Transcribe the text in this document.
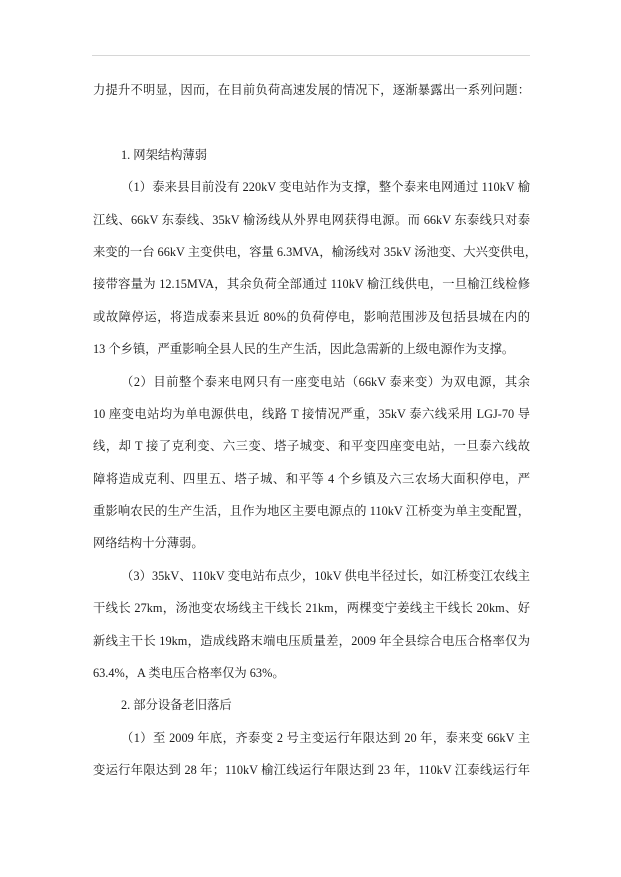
力提升不明显，因而，在目前负荷高速发展的情况下，逐渐暴露出一系列问题：
1. 网架结构薄弱
（1）泰来县目前没有 220kV 变电站作为支撑，整个泰来电网通过 110kV 榆
江线、66kV 东泰线、35kV 榆汤线从外界电网获得电源。而 66kV 东泰线只对泰
来变的一台 66kV 主变供电，容量 6.3MVA，榆汤线对 35kV 汤池变、大兴变供电，
接带容量为 12.15MVA，其余负荷全部通过 110kV 榆江线供电，一旦榆江线检修
或故障停运，将造成泰来县近 80%的负荷停电，影响范围涉及包括县城在内的
13 个乡镇，严重影响全县人民的生产生活，因此急需新的上级电源作为支撑。
（2）目前整个泰来电网只有一座变电站（66kV 泰来变）为双电源，其余
10 座变电站均为单电源供电，线路 T 接情况严重，35kV 泰六线采用 LGJ-70 导
线，却 T 接了克利变、六三变、塔子城变、和平变四座变电站，一旦泰六线故
障将造成克利、四里五、塔子城、和平等 4 个乡镇及六三农场大面积停电，严
重影响农民的生产生活，且作为地区主要电源点的 110kV 江桥变为单主变配置，
网络结构十分薄弱。
（3）35kV、110kV 变电站布点少，10kV 供电半径过长，如江桥变江农线主
干线长 27km，汤池变农场线主干线长 21km，两棵变宁姜线主干线长 20km、好
新线主干长 19km，造成线路末端电压质量差，2009 年全县综合电压合格率仅为
63.4%，A 类电压合格率仅为 63%。
2. 部分设备老旧落后
（1）至 2009 年底，齐泰变 2 号主变运行年限达到 20 年，泰来变 66kV 主
变运行年限达到 28 年；110kV 榆江线运行年限达到 23 年，110kV 江泰线运行年
